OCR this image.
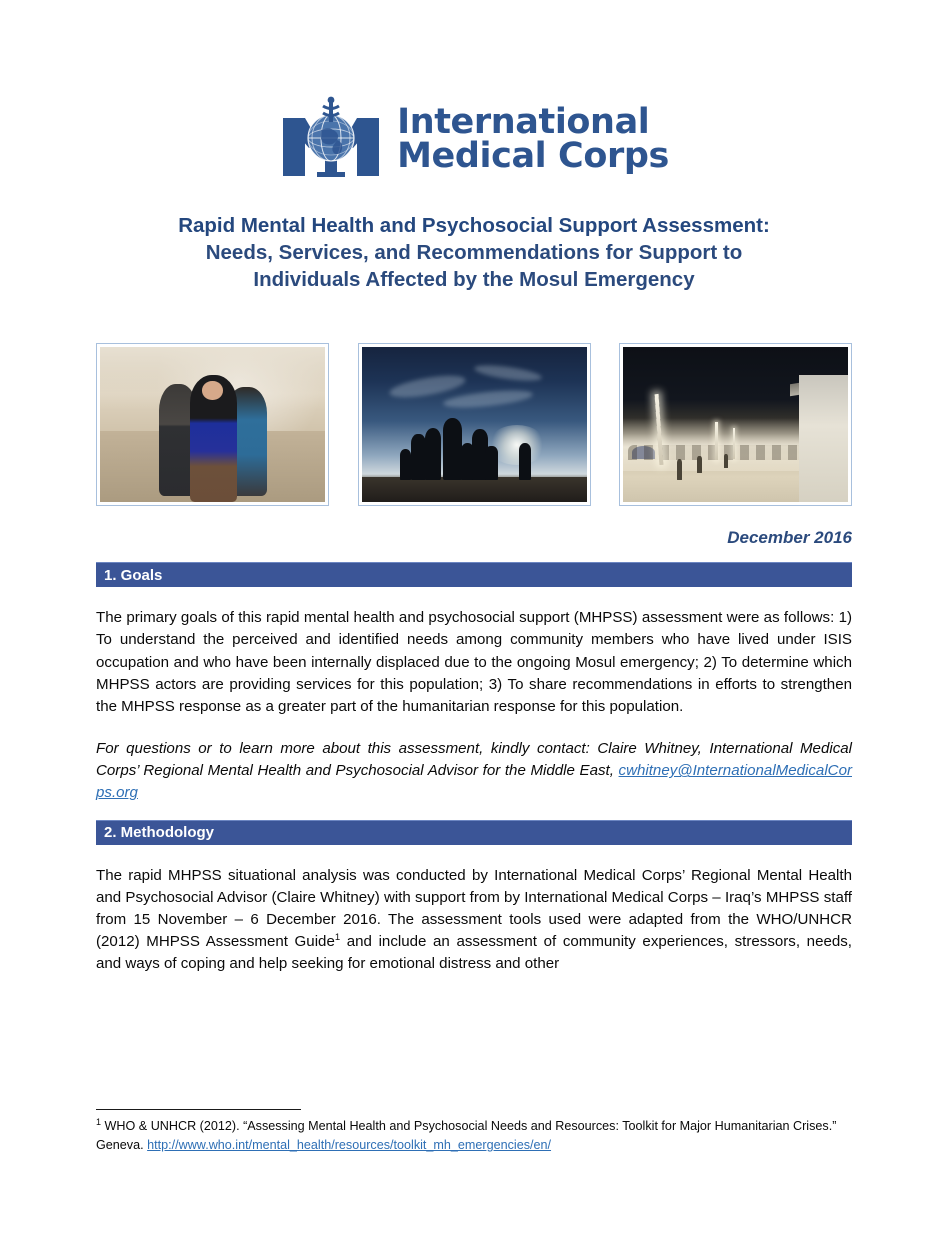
International
Medical Corps
Rapid Mental Health and Psychosocial Support Assessment:
Needs, Services, and Recommendations for Support to
Individuals Affected by the Mosul Emergency
December 2016
1. Goals

The primary goals of this rapid mental health and psychosocial support (MHPSS) assessment were as follows: 1) To understand the perceived and identified needs among community members who have lived under ISIS occupation and who have been internally displaced due to the ongoing Mosul emergency; 2) To determine which MHPSS actors are providing services for this population; 3) To share recommendations in efforts to strengthen the MHPSS response as a greater part of the humanitarian response for this population.

For questions or to learn more about this assessment, kindly contact: Claire Whitney, International Medical Corps’ Regional Mental Health and Psychosocial Advisor for the Middle East, cwhitney@InternationalMedicalCorps.org

2. Methodology

The rapid MHPSS situational analysis was conducted by International Medical Corps’ Regional Mental Health and Psychosocial Advisor (Claire Whitney) with support from by International Medical Corps – Iraq’s MHPSS staff from 15 November – 6 December 2016. The assessment tools used were adapted from the WHO/UNHCR (2012) MHPSS Assessment Guide$^1$ and include an assessment of community experiences, stressors, needs, and ways of coping and help seeking for emotional distress and other

$^1$ WHO & UNHCR (2012). “Assessing Mental Health and Psychosocial Needs and Resources: Toolkit for Major Humanitarian Crises.” Geneva. http://www.who.int/mental_health/resources/toolkit_mh_emergencies/en/
